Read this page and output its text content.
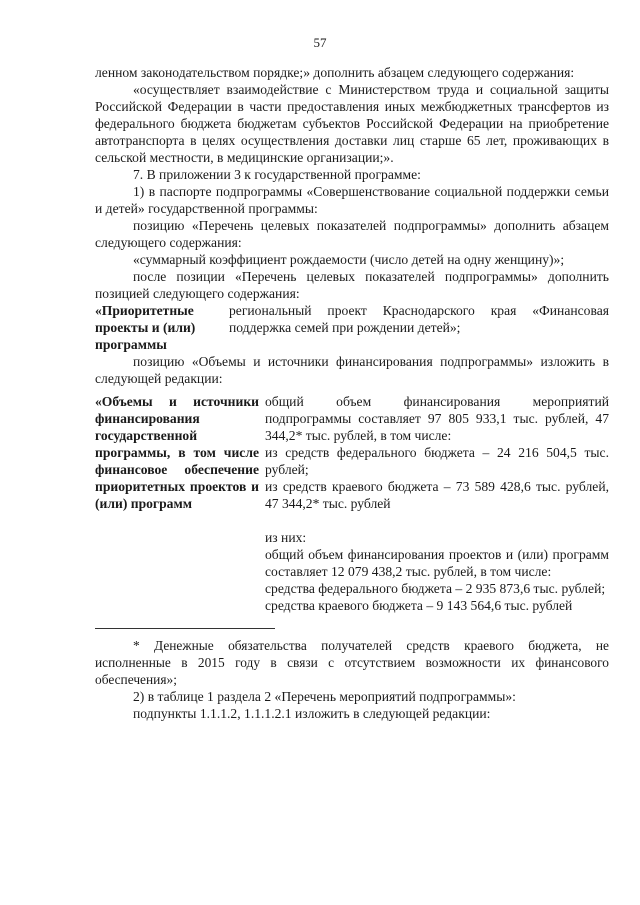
57

ленном законодательством порядке;» дополнить абзацем следующего содержания:

«осуществляет взаимодействие с Министерством труда и социальной защиты Российской Федерации в части предоставления иных межбюджетных трансфертов из федерального бюджета бюджетам субъектов Российской Федерации на приобретение автотранспорта в целях осуществления доставки лиц старше 65 лет, проживающих в сельской местности, в медицинские организации;».

7. В приложении 3 к государственной программе:

1) в паспорте подпрограммы «Совершенствование социальной поддержки семьи и детей» государственной программы:

позицию «Перечень целевых показателей подпрограммы» дополнить абзацем следующего содержания:

«суммарный коэффициент рождаемости (число детей на одну женщину)»;

после позиции «Перечень целевых показателей подпрограммы» дополнить позицией следующего содержания:

«Приоритетные проекты и (или) программы
региональный проект Краснодарского края «Финансовая поддержка семей при рождении детей»;

позицию «Объемы и источники финансирования подпрограммы» изложить в следующей редакции:

«Объемы и источники финансирования государственной программы, в том числе финансовое обеспечение приоритетных проектов и (или) программ

общий объем финансирования мероприятий подпрограммы составляет 97 805 933,1 тыс. рублей, 47 344,2* тыс. рублей, в том числе:

из средств федерального бюджета – 24 216 504,5 тыс. рублей;

из средств краевого бюджета – 73 589 428,6 тыс. рублей, 47 344,2* тыс. рублей

из них:

общий объем финансирования проектов и (или) программ составляет 12 079 438,2 тыс. рублей, в том числе:

средства федерального бюджета – 2 935 873,6 тыс. рублей;

средства краевого бюджета – 9 143 564,6 тыс. рублей

* Денежные обязательства получателей средств краевого бюджета, не исполненные в 2015 году в связи с отсутствием возможности их финансового обеспечения»;

2) в таблице 1 раздела 2 «Перечень мероприятий подпрограммы»:

подпункты 1.1.1.2, 1.1.1.2.1 изложить в следующей редакции:
